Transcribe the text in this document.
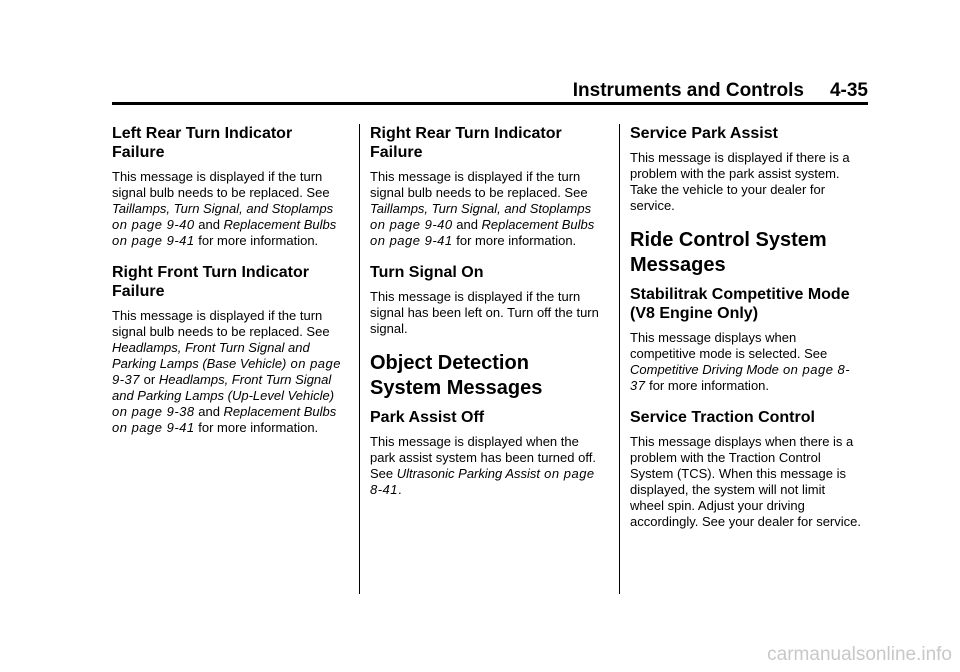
Instruments and Controls 4-35
Left Rear Turn Indicator Failure

This message is displayed if the turn signal bulb needs to be replaced. See Taillamps, Turn Signal, and Stoplamps on page 9-40 and Replacement Bulbs on page 9-41 for more information.

Right Front Turn Indicator Failure

This message is displayed if the turn signal bulb needs to be replaced. See Headlamps, Front Turn Signal and Parking Lamps (Base Vehicle) on page 9-37 or Headlamps, Front Turn Signal and Parking Lamps (Up-Level Vehicle) on page 9-38 and Replacement Bulbs on page 9-41 for more information.

Right Rear Turn Indicator Failure

This message is displayed if the turn signal bulb needs to be replaced. See Taillamps, Turn Signal, and Stoplamps on page 9-40 and Replacement Bulbs on page 9-41 for more information.

Turn Signal On

This message is displayed if the turn signal has been left on. Turn off the turn signal.

Object Detection System Messages
Park Assist Off

This message is displayed when the park assist system has been turned off. See Ultrasonic Parking Assist on page 8-41.

Service Park Assist

This message is displayed if there is a problem with the park assist system. Take the vehicle to your dealer for service.

Ride Control System Messages
Stabilitrak Competitive Mode (V8 Engine Only)

This message displays when competitive mode is selected. See Competitive Driving Mode on page 8-37 for more information.

Service Traction Control

This message displays when there is a problem with the Traction Control System (TCS). When this message is displayed, the system will not limit wheel spin. Adjust your driving accordingly. See your dealer for service.

carmanualsonline.info
